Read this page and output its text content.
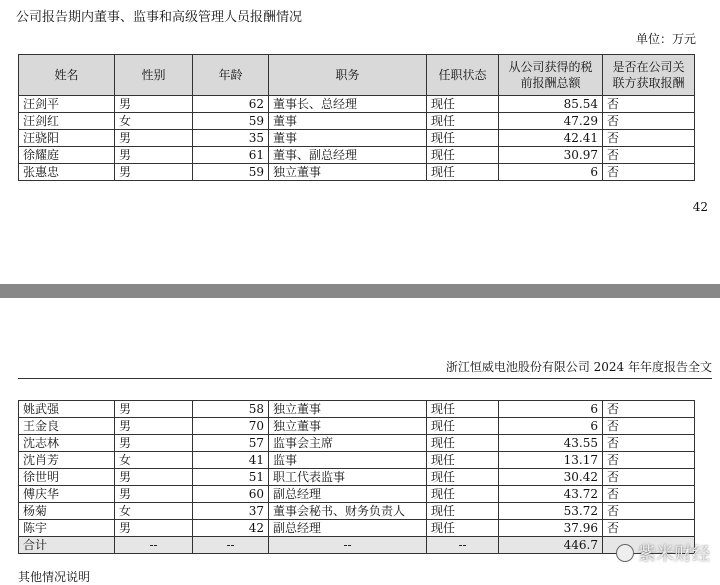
公司报告期内董事、监事和高级管理人员报酬情况
单位：万元
姓名	性别	年龄	职务	任职状态	从公司获得的税前报酬总额	是否在公司关联方获取报酬
汪剑平	男	62	董事长、总经理	现任	85.54	否
汪剑红	女	59	董事	现任	47.29	否
汪骁阳	男	35	董事	现任	42.41	否
徐耀庭	男	61	董事、副总经理	现任	30.97	否
张惠忠	男	59	独立董事	现任	6	否
42
浙江恒威电池股份有限公司 2024 年年度报告全文
姚武强	男	58	独立董事	现任	6	否
王金良	男	70	独立董事	现任	6	否
沈志林	男	57	监事会主席	现任	43.55	否
沈肖芳	女	41	监事	现任	13.17	否
徐世明	男	51	职工代表监事	现任	30.42	否
傅庆华	男	60	副总经理	现任	43.72	否
杨菊	女	37	董事会秘书、财务负责人	现任	53.72	否
陈宇	男	42	副总经理	现任	37.96	否
合计	--	--	--	--	446.7	
其他情况说明
紫米财经
